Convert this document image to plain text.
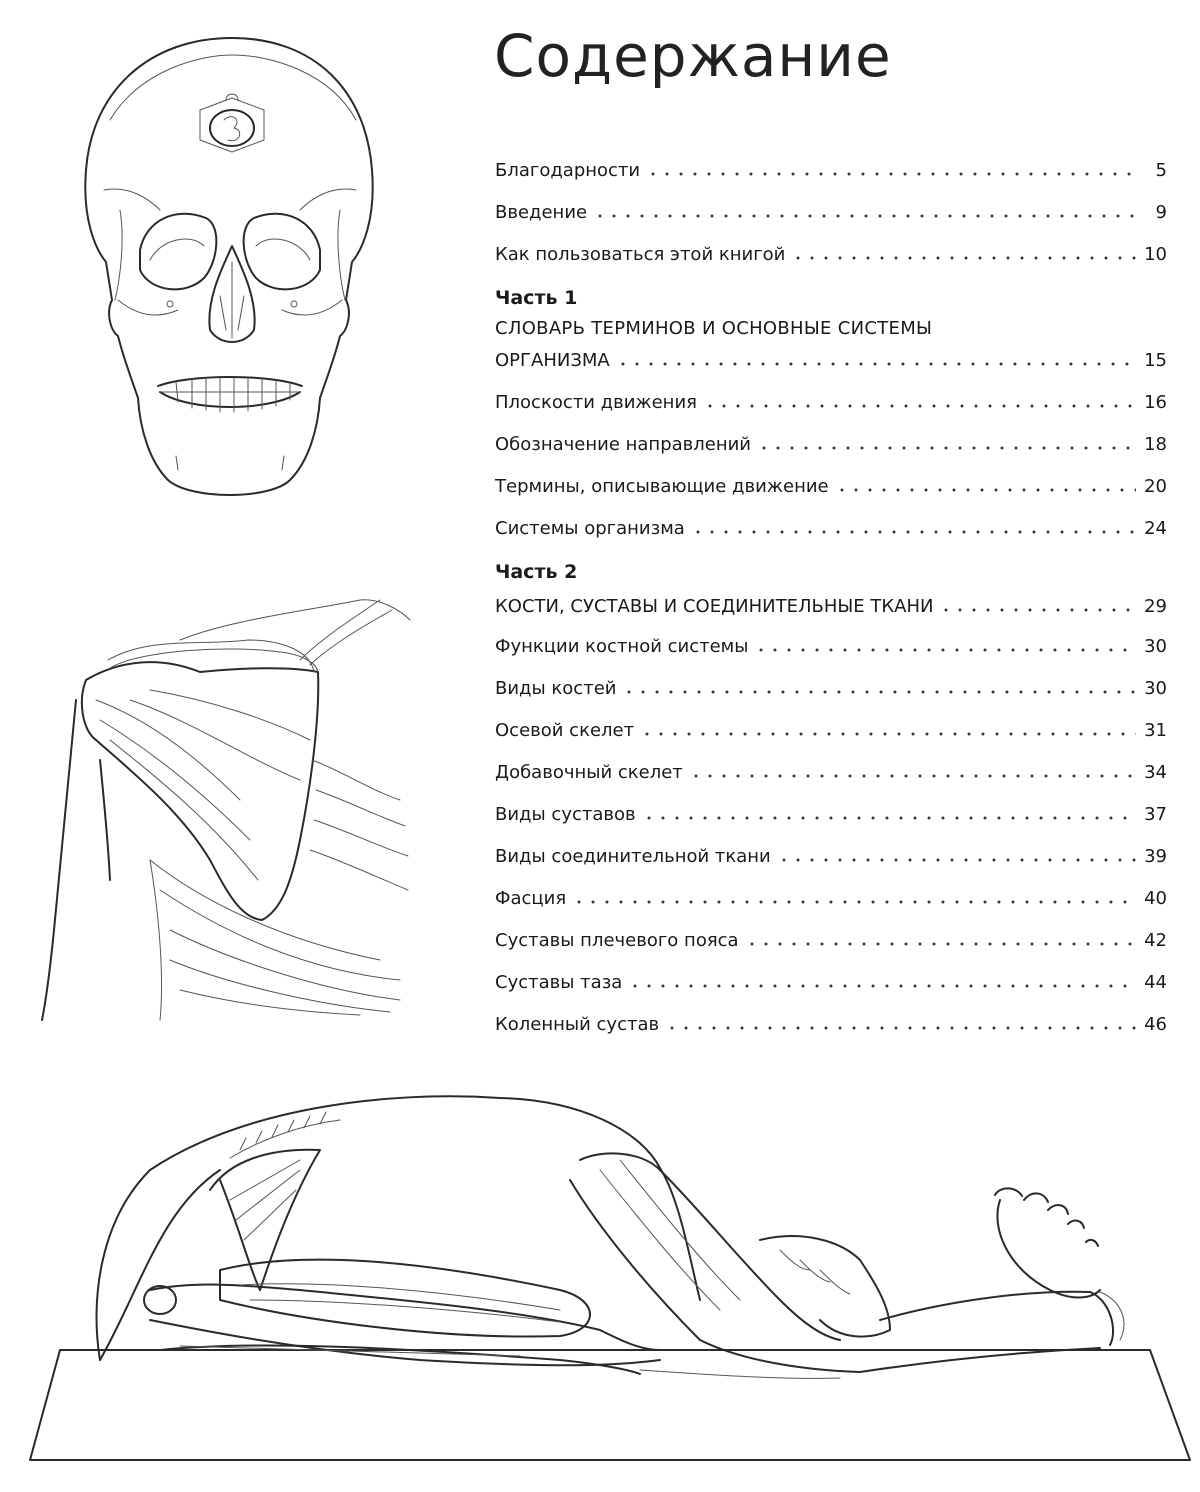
Содержание
Благодарности	5
Введение	9
Как пользоваться этой книгой	10
Часть 1
СЛОВАРЬ ТЕРМИНОВ И ОСНОВНЫЕ СИСТЕМЫ
ОРГАНИЗМА	15
Плоскости движения	16
Обозначение направлений	18
Термины, описывающие движение	20
Системы организма	24
Часть 2
КОСТИ, СУСТАВЫ И СОЕДИНИТЕЛЬНЫЕ ТКАНИ	29
Функции костной системы	30
Виды костей	30
Осевой скелет	31
Добавочный скелет	34
Виды суставов	37
Виды соединительной ткани	39
Фасция	40
Суставы плечевого пояса	42
Суставы таза	44
Коленный сустав	46
